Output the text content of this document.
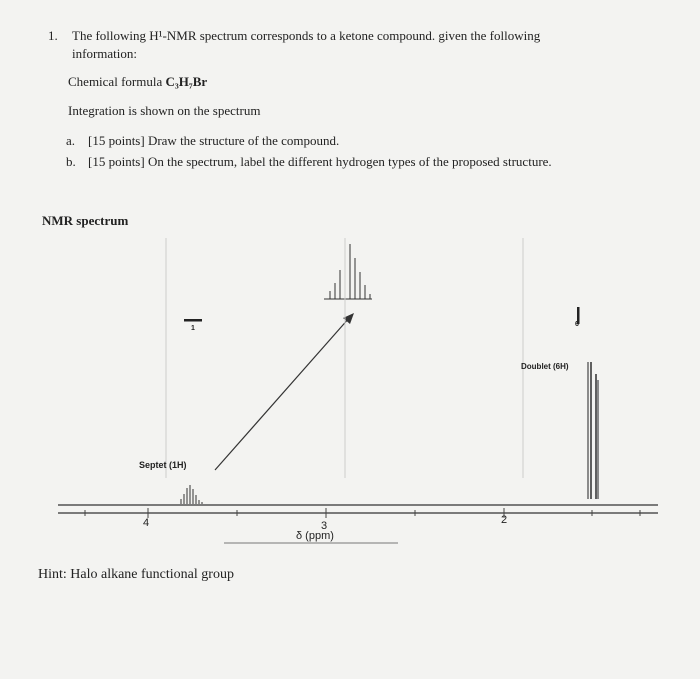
1. The following H¹-NMR spectrum corresponds to a ketone compound. given the following
information:
Chemical formula C₃H₇Br
Integration is shown on the spectrum
a. [15 points] Draw the structure of the compound.
b. [15 points] On the spectrum, label the different hydrogen types of the proposed structure.
NMR spectrum
Septet (1H)
Doublet (6H)
1
6
4	3	2
δ (ppm)
Hint: Halo alkane functional group
